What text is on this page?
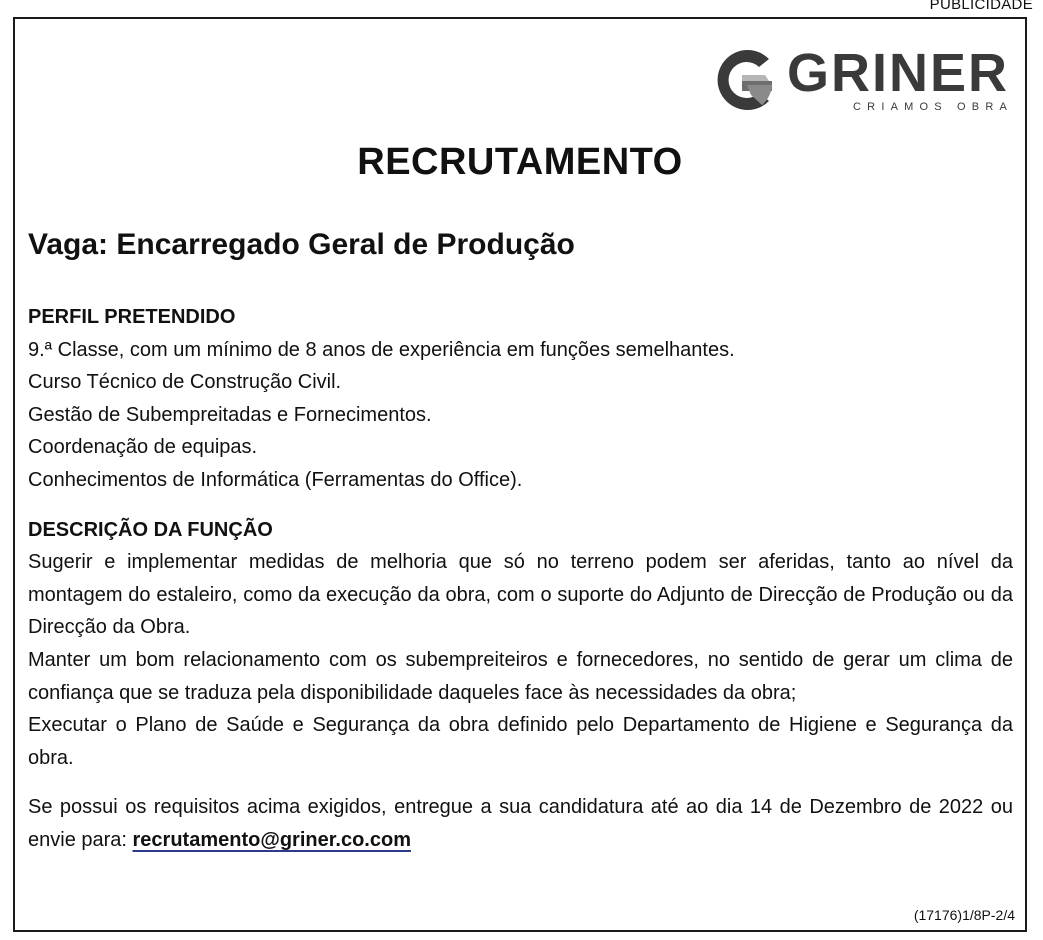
PUBLICIDADE
GRINER
CRIAMOS OBRA
RECRUTAMENTO
Vaga: Encarregado Geral de Produção
PERFIL PRETENDIDO
9.ª Classe, com um mínimo de 8 anos de experiência em funções semelhantes.
Curso Técnico de Construção Civil.
Gestão de Subempreitadas e Fornecimentos.
Coordenação de equipas.
Conhecimentos de Informática (Ferramentas do Office).
DESCRIÇÃO DA FUNÇÃO
Sugerir e implementar medidas de melhoria que só no terreno podem ser aferidas, tanto ao nível da montagem do estaleiro, como da execução da obra, com o suporte do Adjunto de Direcção de Produção ou da Direcção da Obra.
Manter um bom relacionamento com os subempreiteiros e fornecedores, no sentido de gerar um clima de confiança que se traduza pela disponibilidade daqueles face às necessidades da obra;
Executar o Plano de Saúde e Segurança da obra definido pelo Departamento de Higiene e Segurança da obra.
Se possui os requisitos acima exigidos, entregue a sua candidatura até ao dia 14 de Dezembro de 2022 ou envie para: recrutamento@griner.co.com
(17176)1/8P-2/4
